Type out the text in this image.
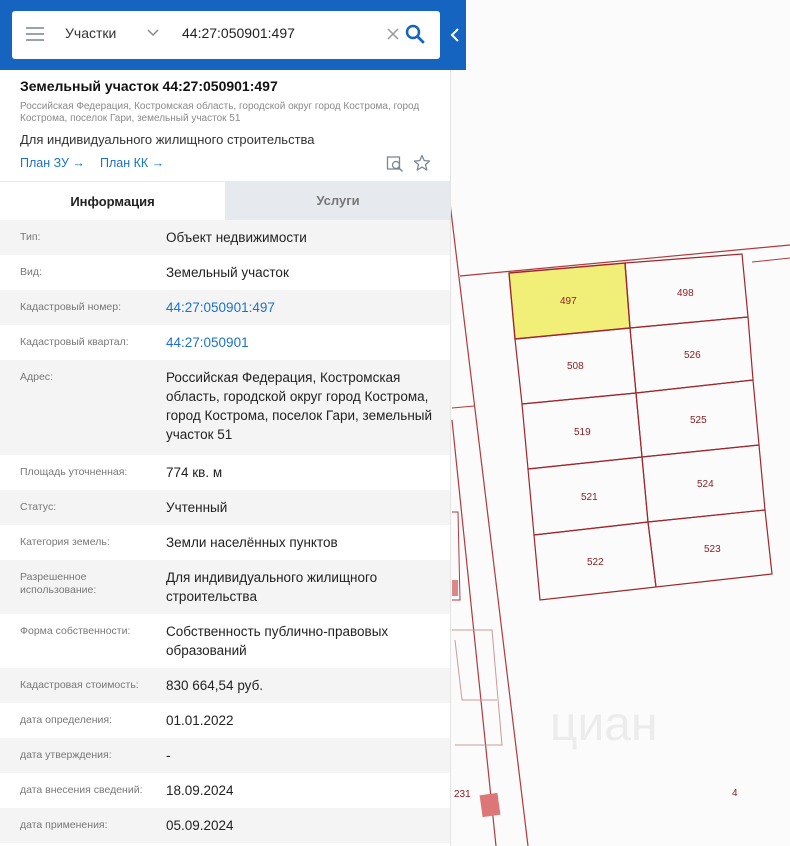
циан
497
498
508
526
519
525
521
524
522
523
231	4
Участки
44:27:050901:497
Земельный участок 44:27:050901:497
Российская Федерация, Костромская область, городской округ город Кострома, город Кострома, поселок Гари, земельный участок 51
Для индивидуального жилищного строительства
План ЗУ → План КК →
Информация	Услуги
Тип:	Объект недвижимости
Вид:	Земельный участок
Кадастровый номер:	44:27:050901:497
Кадастровый квартал:	44:27:050901
Адрес:	Российская Федерация, Костромская область, городской округ город Кострома, город Кострома, поселок Гари, земельный участок 51
Площадь уточненная:	774 кв. м
Статус:	Учтенный
Категория земель:	Земли населённых пунктов
Разрешенное использование:
Для индивидуального жилищного строительства
Форма собственности:	Собственность публично-правовых образований
Кадастровая стоимость:	830 664,54 руб.
дата определения:	01.01.2022
дата утверждения:	-
дата внесения сведений:	18.09.2024
дата применения:	05.09.2024
